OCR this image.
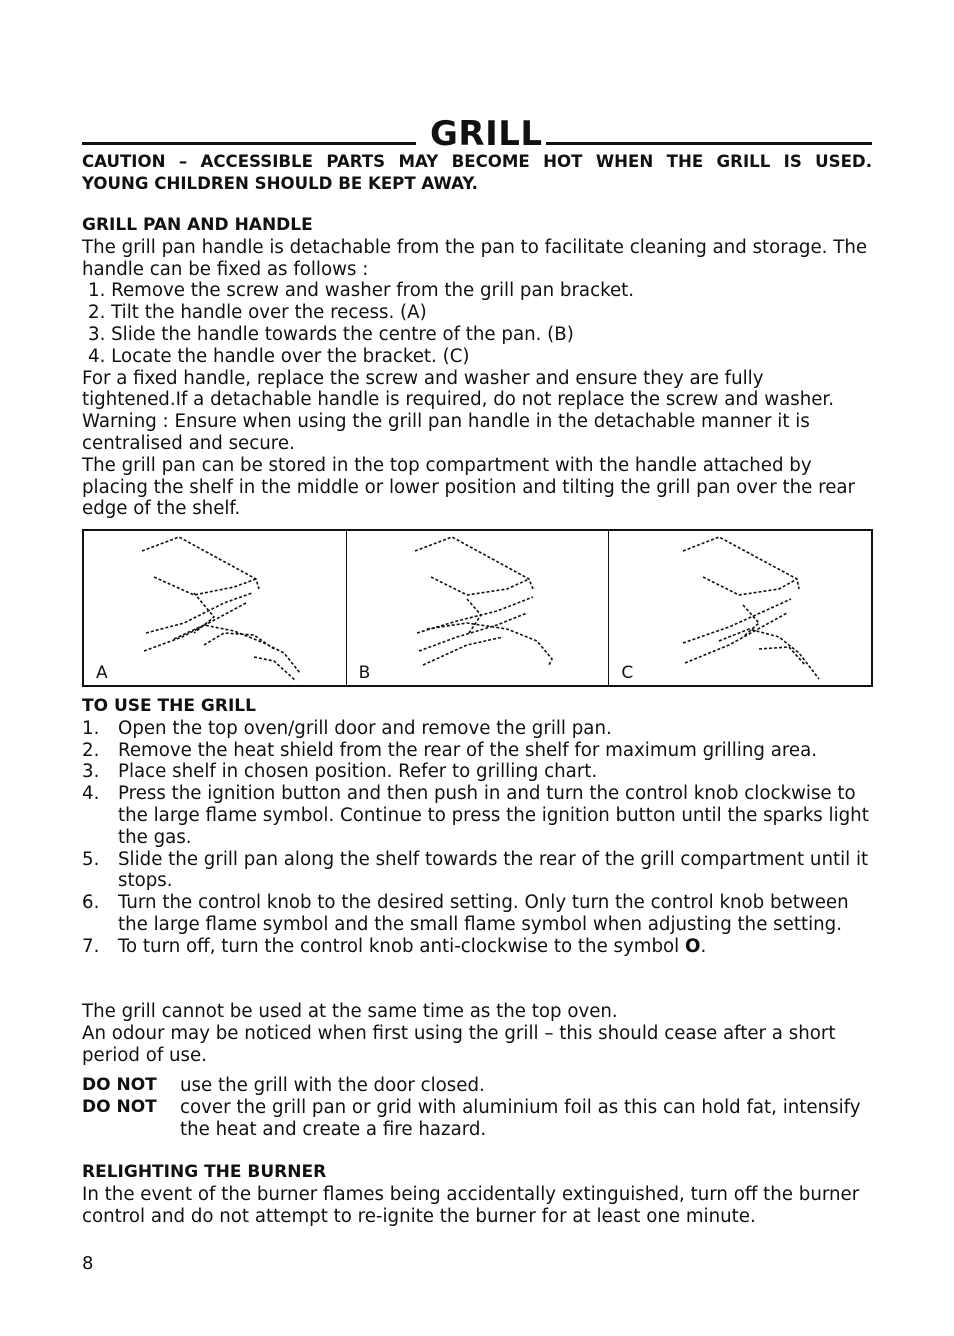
GRILL
CAUTION – ACCESSIBLE PARTS MAY BECOME HOT WHEN THE GRILL IS USED.
YOUNG CHILDREN SHOULD BE KEPT AWAY.
GRILL PAN AND HANDLE
The grill pan handle is detachable from the pan to facilitate cleaning and storage. The handle can be fixed as follows :
1. Remove the screw and washer from the grill pan bracket.
2. Tilt the handle over the recess. (A)
3. Slide the handle towards the centre of the pan. (B)
4. Locate the handle over the bracket. (C)
For a fixed handle, replace the screw and washer and ensure they are fully tightened.If a detachable handle is required, do not replace the screw and washer.
Warning : Ensure when using the grill pan handle in the detachable manner it is centralised and secure.
The grill pan can be stored in the top compartment with the handle attached by placing the shelf in the middle or lower position and tilting the grill pan over the rear edge of the shelf.
A	B	C
TO USE THE GRILL
1. Open the top oven/grill door and remove the grill pan.
2. Remove the heat shield from the rear of the shelf for maximum grilling area.
3. Place shelf in chosen position. Refer to grilling chart.
4. Press the ignition button and then push in and turn the control knob clockwise to the large flame symbol. Continue to press the ignition button until the sparks light the gas.
5. Slide the grill pan along the shelf towards the rear of the grill compartment until it stops.
6. Turn the control knob to the desired setting. Only turn the control knob between the large flame symbol and the small flame symbol when adjusting the setting.
7. To turn off, turn the control knob anti-clockwise to the symbol O.
The grill cannot be used at the same time as the top oven.
An odour may be noticed when first using the grill – this should cease after a short period of use.
DO NOT use the grill with the door closed.
DO NOT cover the grill pan or grid with aluminium foil as this can hold fat, intensify the heat and create a fire hazard.
RELIGHTING THE BURNER
In the event of the burner flames being accidentally extinguished, turn off the burner control and do not attempt to re-ignite the burner for at least one minute.
8
